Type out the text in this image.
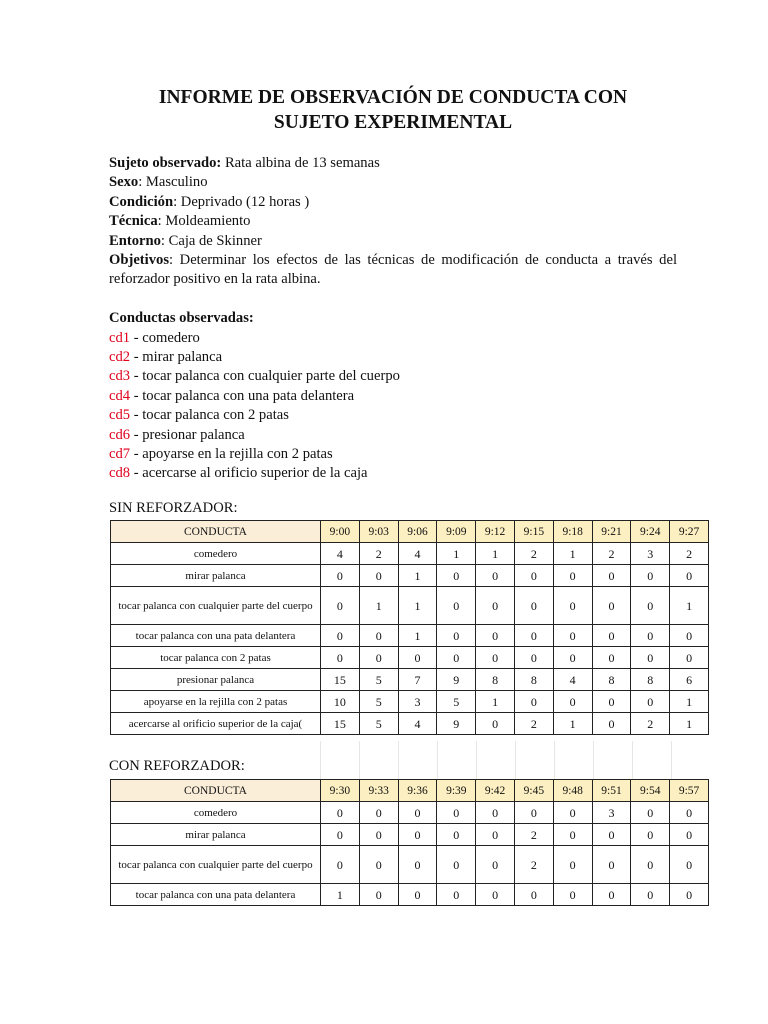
INFORME DE OBSERVACIÓN DE CONDUCTA CON
SUJETO EXPERIMENTAL

Sujeto observado: Rata albina de 13 semanas

Sexo: Masculino

Condición: Deprivado (12 horas )

Técnica: Moldeamiento

Entorno: Caja de Skinner

Objetivos: Determinar los efectos de las técnicas de modificación de conducta a través del reforzador positivo en la rata albina.

Conductas observadas:

cd1 - comedero

cd2 - mirar palanca

cd3 - tocar palanca con cualquier parte del cuerpo

cd4 - tocar palanca con una pata delantera

cd5 - tocar palanca con 2 patas

cd6 - presionar palanca

cd7 - apoyarse en la rejilla con 2 patas

cd8 - acercarse al orificio superior de la caja

SIN REFORZADOR:
CONDUCTA	9:00	9:03	9:06	9:09	9:12	9:15	9:18	9:21	9:24	9:27
comedero	4	2	4	1	1	2	1	2	3	2
mirar palanca	0	0	1	0	0	0	0	0	0	0
tocar palanca con cualquier parte del cuerpo	0	1	1	0	0	0	0	0	0	1
tocar palanca con una pata delantera	0	0	1	0	0	0	0	0	0	0
tocar palanca con 2 patas	0	0	0	0	0	0	0	0	0	0
presionar palanca	15	5	7	9	8	8	4	8	8	6
apoyarse en la rejilla con 2 patas	10	5	3	5	1	0	0	0	0	1
acercarse al orificio superior de la caja(	15	5	4	9	0	2	1	0	2	1
CON REFORZADOR:
CONDUCTA	9:30	9:33	9:36	9:39	9:42	9:45	9:48	9:51	9:54	9:57
comedero	0	0	0	0	0	0	0	3	0	0
mirar palanca	0	0	0	0	0	2	0	0	0	0
tocar palanca con cualquier parte del cuerpo	0	0	0	0	0	2	0	0	0	0
tocar palanca con una pata delantera	1	0	0	0	0	0	0	0	0	0
